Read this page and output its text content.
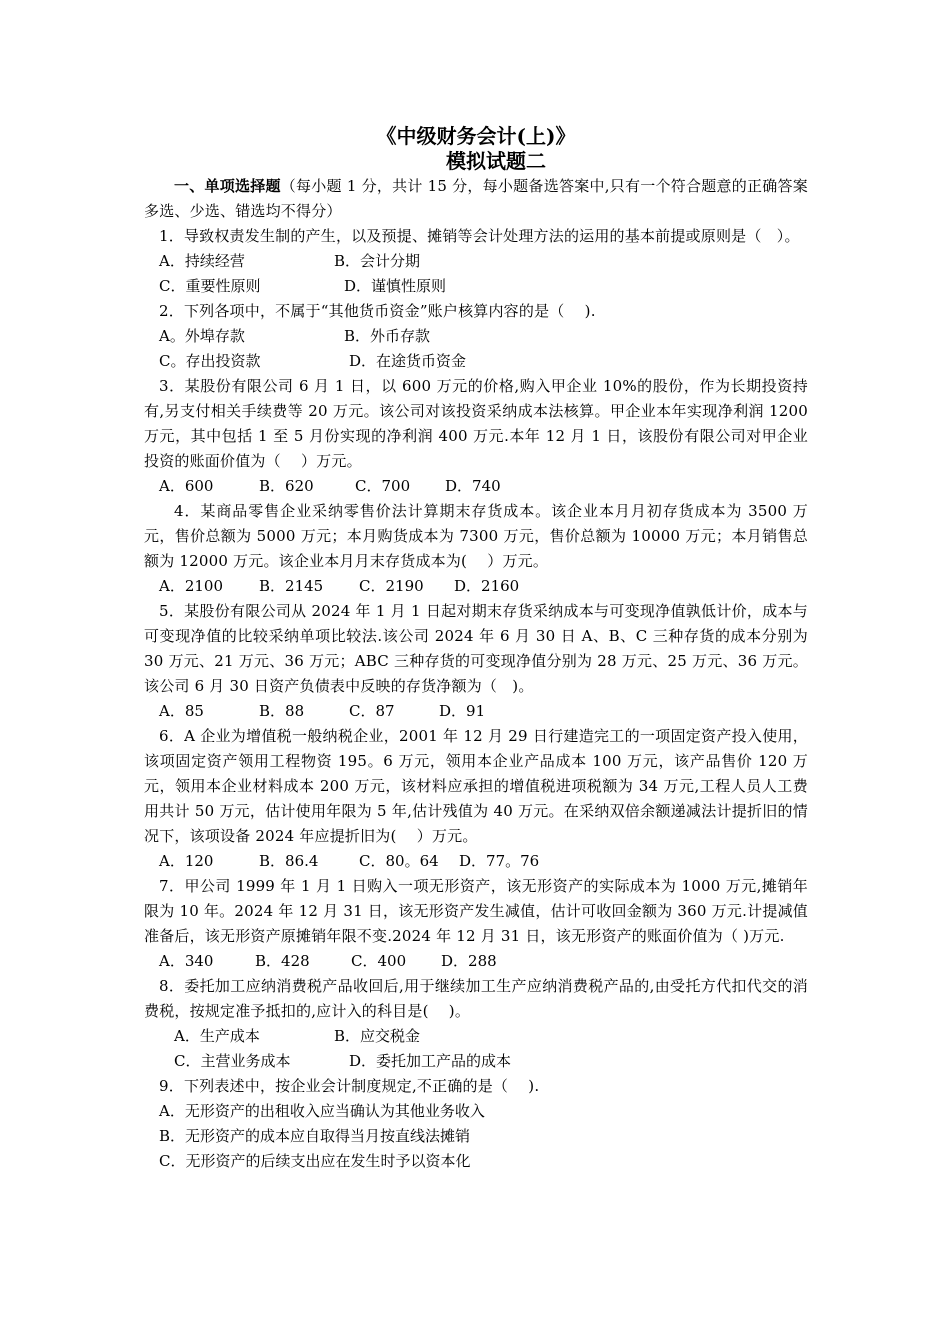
《中级财务会计(上)》
模拟试题二

一、单项选择题（每小题 1 分，共计 15 分，每小题备选答案中,只有一个符合题意的正确答案多选、少选、错选均不得分）

1．导致权责发生制的产生，以及预提、摊销等会计处理方法的运用的基本前提或原则是（　）。

A．持续经营	B．会计分期
C．重要性原则	D．谨慎性原则

2．下列各项中，不属于“其他货币资金”账户核算内容的是（　 ).

A。外埠存款	B．外币存款
C。存出投资款	D．在途货币资金

3．某股份有限公司 6 月 1 日，以 600 万元的价格,购入甲企业 10%的股份，作为长期投资持有,另支付相关手续费等 20 万元。该公司对该投资采纳成本法核算。甲企业本年实现净利润 1200 万元，其中包括 1 至 5 月份实现的净利润 400 万元.本年 12 月 1 日，该股份有限公司对甲企业投资的账面价值为（　 ）万元。

A．600	B．620	C．700	D．740

4．某商品零售企业采纳零售价法计算期末存货成本。该企业本月月初存货成本为 3500 万元，售价总额为 5000 万元；本月购货成本为 7300 万元，售价总额为 10000 万元；本月销售总额为 12000 万元。该企业本月月末存货成本为(　 ）万元。

A．2100	B．2145	C．2190	D．2160

5．某股份有限公司从 2024 年 1 月 1 日起对期末存货采纳成本与可变现净值孰低计价，成本与可变现净值的比较采纳单项比较法.该公司 2024 年 6 月 30 日 A、B、C 三种存货的成本分别为 30 万元、21 万元、36 万元；ABC 三种存货的可变现净值分别为 28 万元、25 万元、36 万元。该公司 6 月 30 日资产负债表中反映的存货净额为（　)。

A．85	B．88	C．87	D．91

6．A 企业为增值税一般纳税企业，2001 年 12 月 29 日行建造完工的一项固定资产投入使用，该项固定资产领用工程物资 195。6 万元，领用本企业产品成本 100 万元，该产品售价 120 万元，领用本企业材料成本 200 万元，该材料应承担的增值税进项税额为 34 万元,工程人员人工费用共计 50 万元，估计使用年限为 5 年,估计残值为 40 万元。在采纳双倍余额递减法计提折旧的情况下，该项设备 2024 年应提折旧为(　 ）万元。

A．120	B．86.4	C．80。64	D．77。76

7．甲公司 1999 年 1 月 1 日购入一项无形资产，该无形资产的实际成本为 1000 万元,摊销年限为 10 年。2024 年 12 月 31 日，该无形资产发生减值，估计可收回金额为 360 万元.计提减值准备后，该无形资产原摊销年限不变.2024 年 12 月 31 日，该无形资产的账面价值为（ )万元.

A．340	B．428	C．400	D．288

8．委托加工应纳消费税产品收回后,用于继续加工生产应纳消费税产品的,由受托方代扣代交的消费税，按规定准予抵扣的,应计入的科目是(　 )。

A．生产成本	B．应交税金
C．主营业务成本	D．委托加工产品的成本

9．下列表述中，按企业会计制度规定,不正确的是（　 ).

A．无形资产的出租收入应当确认为其他业务收入
B．无形资产的成本应自取得当月按直线法摊销
C．无形资产的后续支出应在发生时予以资本化
